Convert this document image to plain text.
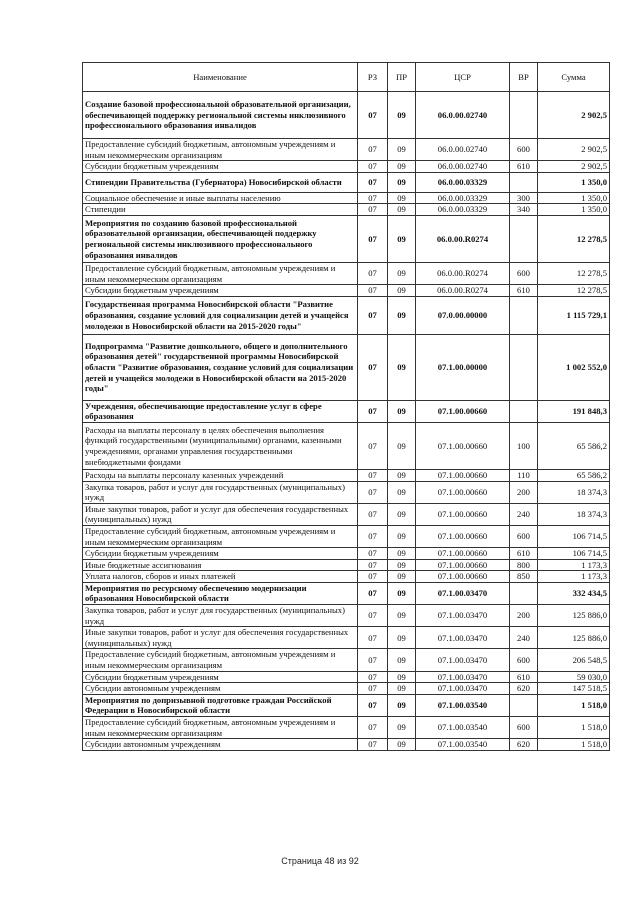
Наименование	РЗ	ПР	ЦСР	ВР	Сумма
Создание базовой профессиональной образовательной организации, обеспечивающей поддержку региональной системы инклюзивного профессионального образования инвалидов	07	09	06.0.00.02740		2 902,5
Предоставление субсидий бюджетным, автономным учреждениям и иным некоммерческим организациям	07	09	06.0.00.02740	600	2 902,5
Субсидии бюджетным учреждениям	07	09	06.0.00.02740	610	2 902,5
Стипендии Правительства (Губернатора) Новосибирской области	07	09	06.0.00.03329		1 350,0
Социальное обеспечение и иные выплаты населению	07	09	06.0.00.03329	300	1 350,0
Стипендии	07	09	06.0.00.03329	340	1 350,0
Мероприятия по созданию базовой профессиональной образовательной организации, обеспечивающей поддержку региональной системы инклюзивного профессионального образования инвалидов	07	09	06.0.00.R0274		12 278,5
Предоставление субсидий бюджетным, автономным учреждениям и иным некоммерческим организациям	07	09	06.0.00.R0274	600	12 278,5
Субсидии бюджетным учреждениям	07	09	06.0.00.R0274	610	12 278,5
Государственная программа Новосибирской области "Развитие образования, создание условий для социализации детей и учащейся молодежи в Новосибирской области на 2015-2020 годы"	07	09	07.0.00.00000		1 115 729,1
Подпрограмма "Развитие дошкольного, общего и дополнительного образования детей" государственной программы Новосибирской области "Развитие образования, создание условий для социализации детей и учащейся молодежи в Новосибирской области на 2015-2020 годы"	07	09	07.1.00.00000		1 002 552,0
Учреждения, обеспечивающие предоставление услуг в сфере образования	07	09	07.1.00.00660		191 848,3
Расходы на выплаты персоналу в целях обеспечения выполнения функций государственными (муниципальными) органами, казенными учреждениями, органами управления государственными внебюджетными фондами	07	09	07.1.00.00660	100	65 586,2
Расходы на выплаты персоналу казенных учреждений	07	09	07.1.00.00660	110	65 586,2
Закупка товаров, работ и услуг для государственных (муниципальных) нужд	07	09	07.1.00.00660	200	18 374,3
Иные закупки товаров, работ и услуг для обеспечения государственных (муниципальных) нужд	07	09	07.1.00.00660	240	18 374,3
Предоставление субсидий бюджетным, автономным учреждениям и иным некоммерческим организациям	07	09	07.1.00.00660	600	106 714,5
Субсидии бюджетным учреждениям	07	09	07.1.00.00660	610	106 714,5
Иные бюджетные ассигнования	07	09	07.1.00.00660	800	1 173,3
Уплата налогов, сборов и иных платежей	07	09	07.1.00.00660	850	1 173,3
Мероприятия по ресурсному обеспечению модернизации образования Новосибирской области	07	09	07.1.00.03470		332 434,5
Закупка товаров, работ и услуг для государственных (муниципальных) нужд	07	09	07.1.00.03470	200	125 886,0
Иные закупки товаров, работ и услуг для обеспечения государственных (муниципальных) нужд	07	09	07.1.00.03470	240	125 886,0
Предоставление субсидий бюджетным, автономным учреждениям и иным некоммерческим организациям	07	09	07.1.00.03470	600	206 548,5
Субсидии бюджетным учреждениям	07	09	07.1.00.03470	610	59 030,0
Субсидии автономным учреждениям	07	09	07.1.00.03470	620	147 518,5
Мероприятия по допризывной подготовке граждан Российской Федерации в Новосибирской области	07	09	07.1.00.03540		1 518,0
Предоставление субсидий бюджетным, автономным учреждениям и иным некоммерческим организациям	07	09	07.1.00.03540	600	1 518,0
Субсидии автономным учреждениям	07	09	07.1.00.03540	620	1 518,0
Страница 48 из 92
